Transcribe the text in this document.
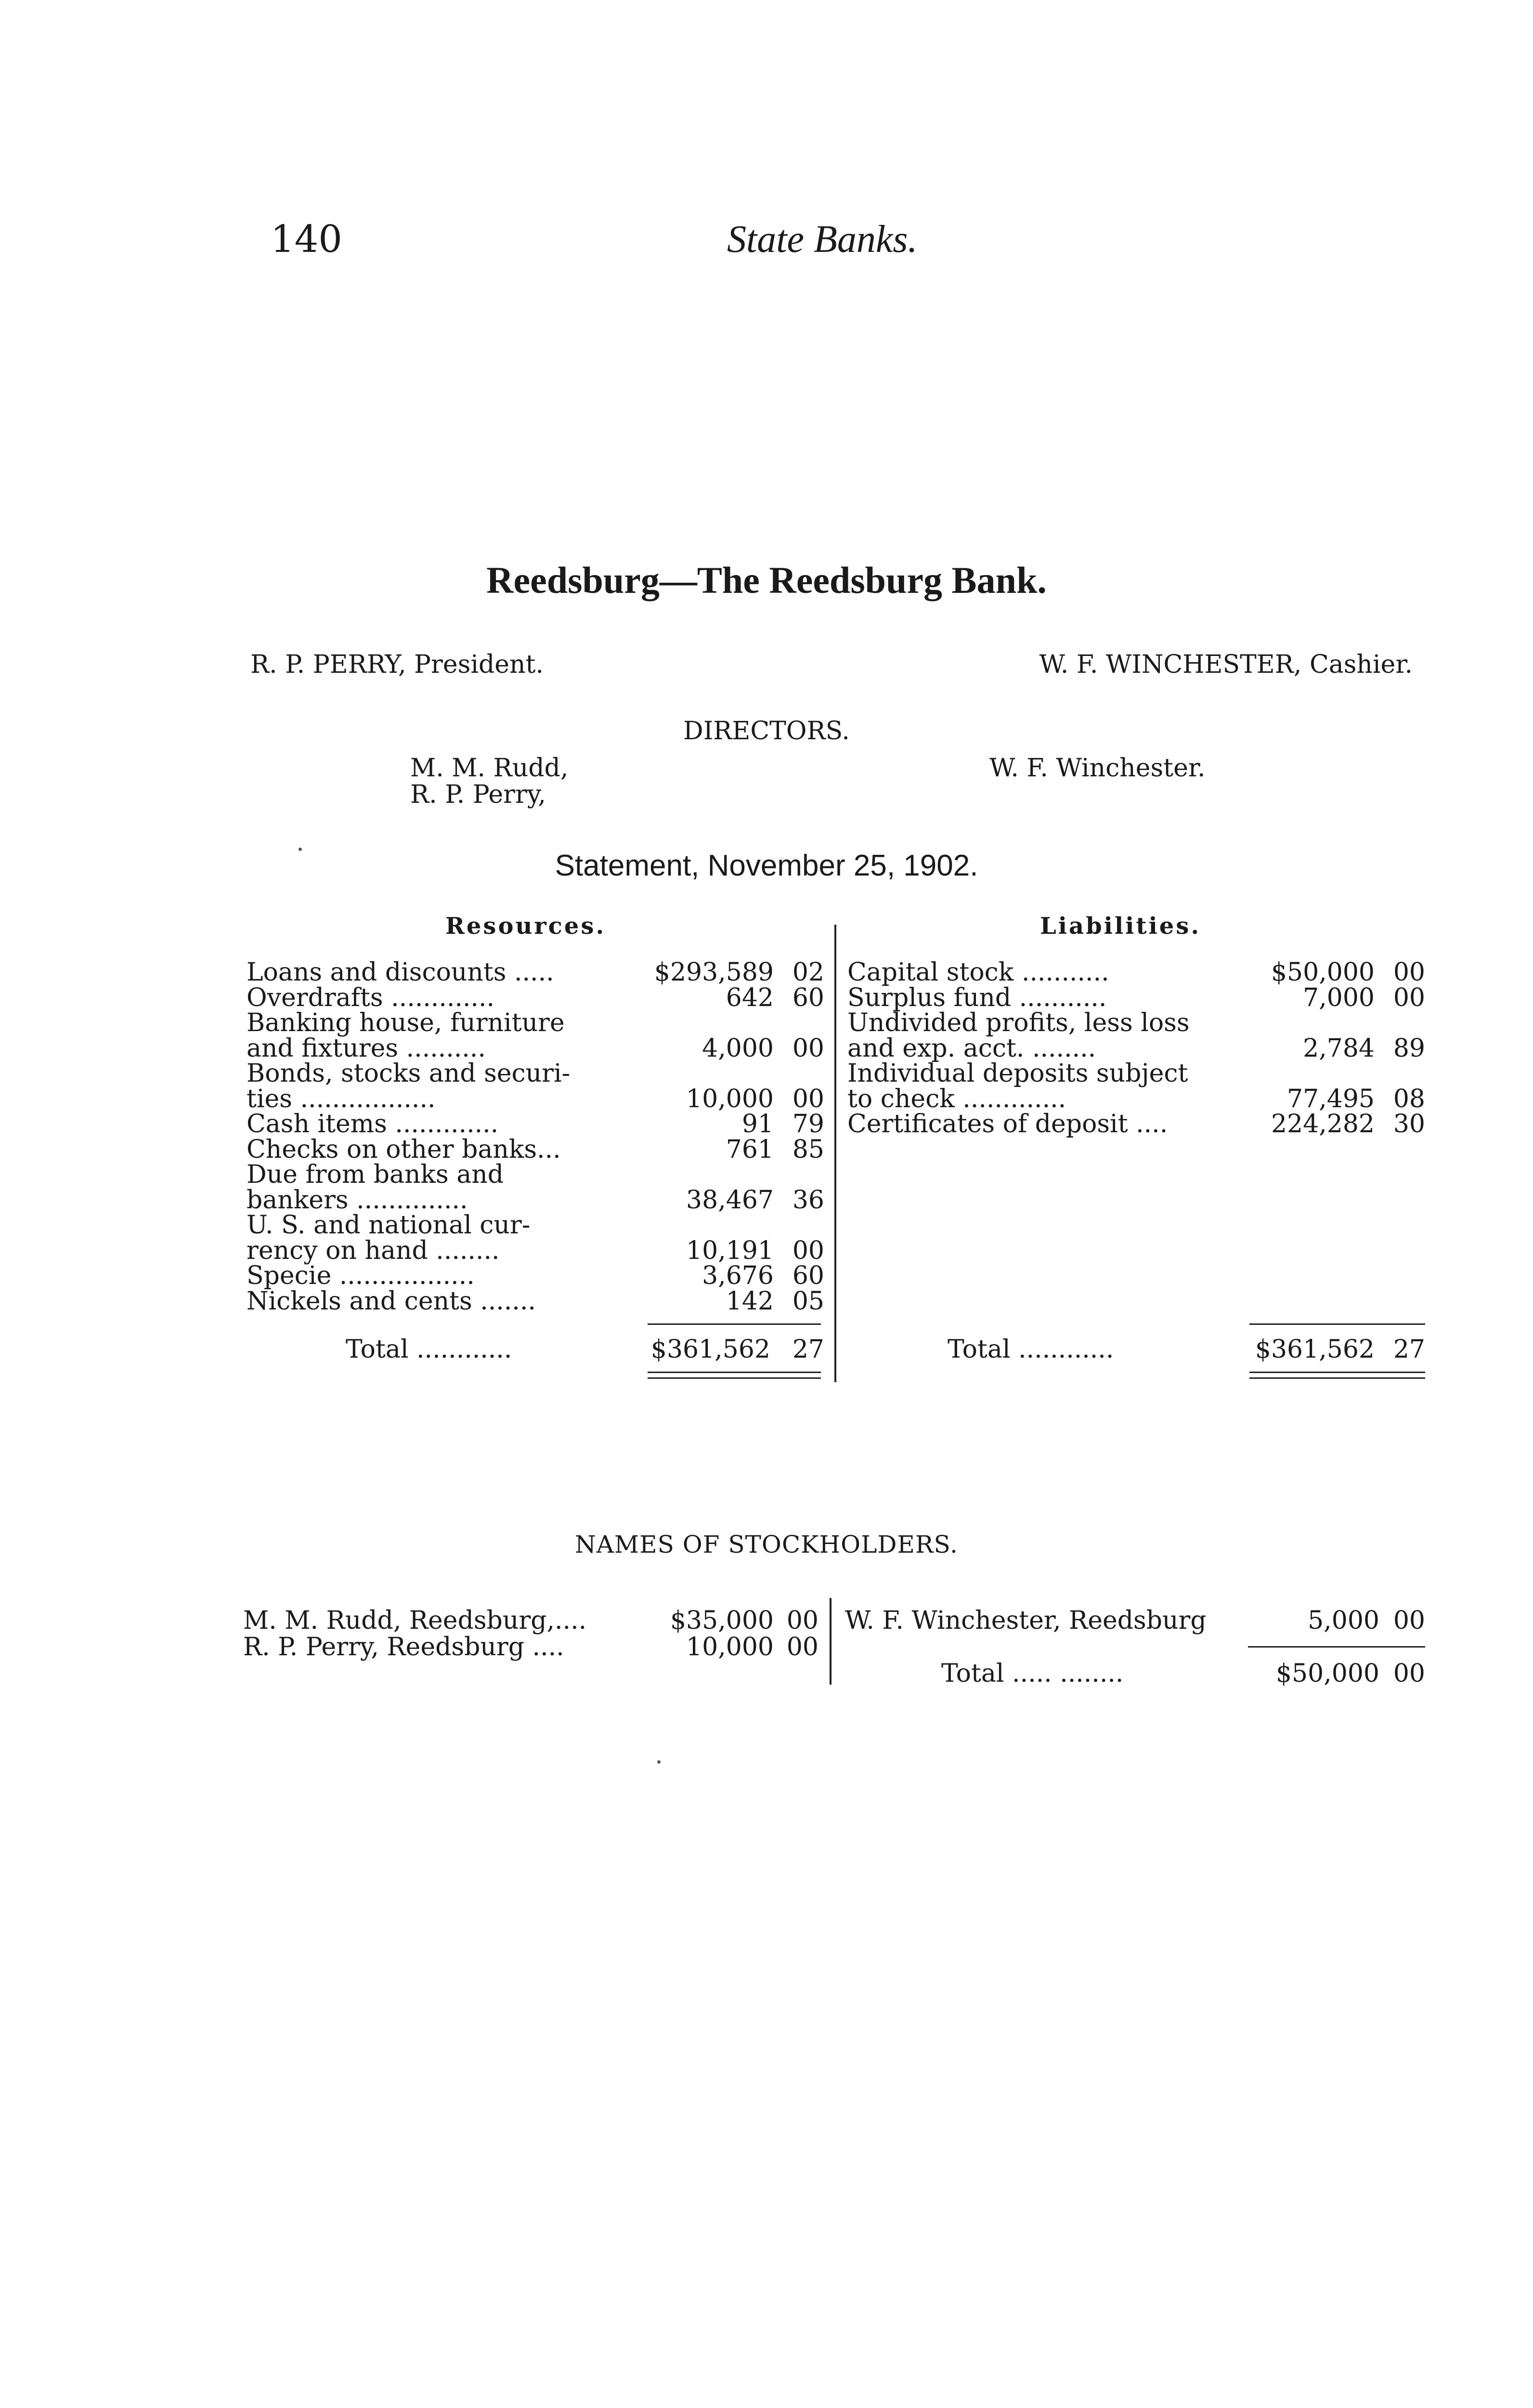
140	State Banks.
Reedsburg—The Reedsburg Bank.
R. P. PERRY, President.	W. F. WINCHESTER, Cashier.
DIRECTORS.
M. M. Rudd,
R. P. Perry,
W. F. Winchester.
Statement, November 25, 1902.
Resources.	Liabilities.
Loans and discounts .....	$293,589 02
Overdrafts .............	642 60
Banking house, furniture
and fixtures ..........	4,000 00
Bonds, stocks and securi-
ties .................	10,000 00
Cash items .............	91 79
Checks on other banks...	761 85
Due from banks and
bankers ..............	38,467 36
U. S. and national cur-
rency on hand ........	10,191 00
Specie .................	3,676 60
Nickels and cents .......	142 05
Total ............	$361,562 27
Capital stock ...........	$50,000 00
Surplus fund ...........	7,000 00
Undivided profits, less loss
and exp. acct. ........	2,784 89
Individual deposits subject
to check .............	77,495 08
Certificates of deposit ....	224,282 30
Total ............	$361,562 27
NAMES OF STOCKHOLDERS.
M. M. Rudd, Reedsburg,....	$35,000 00
R. P. Perry, Reedsburg ....	10,000 00
W. F. Winchester, Reedsburg	5,000 00
Total ..... ........	$50,000 00
